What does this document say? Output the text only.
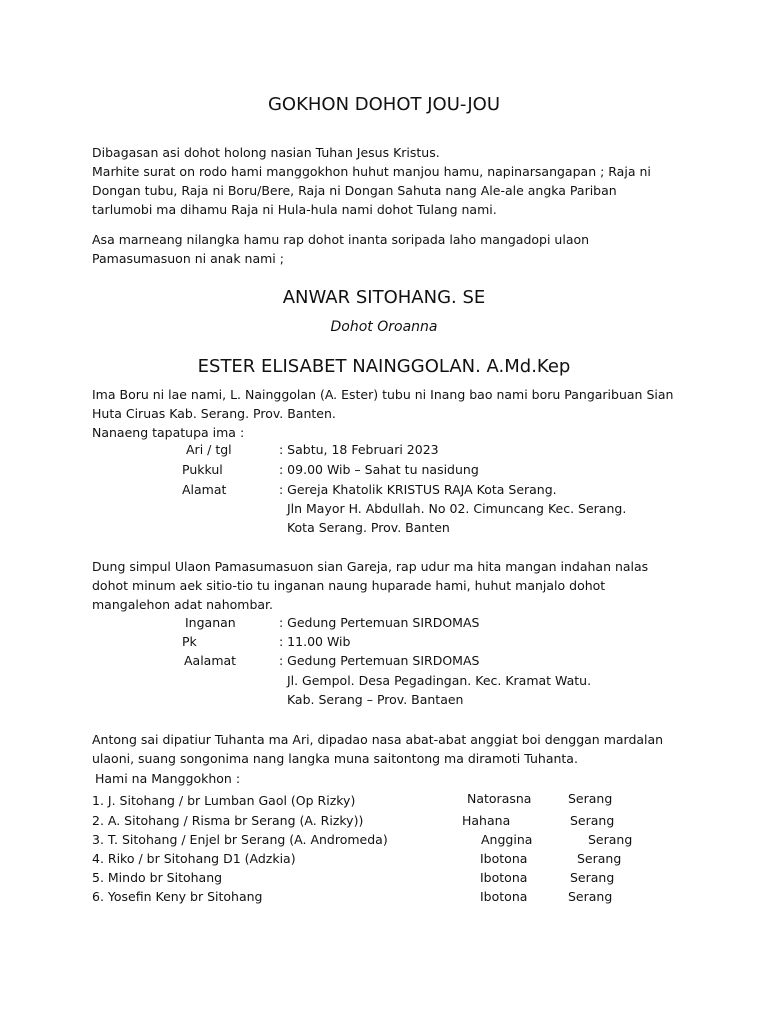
GOKHON DOHOT JOU-JOU
Dibagasan asi dohot holong nasian Tuhan Jesus Kristus.
Marhite surat on rodo hami manggokhon huhut manjou hamu, napinarsangapan ; Raja ni
Dongan tubu, Raja ni Boru/Bere, Raja ni Dongan Sahuta nang Ale-ale angka Pariban
tarlumobi ma dihamu Raja ni Hula-hula nami dohot Tulang nami.
Asa marneang nilangka hamu rap dohot inanta soripada laho mangadopi ulaon
Pamasumasuon ni anak nami ;
ANWAR SITOHANG. SE
Dohot Oroanna
ESTER ELISABET NAINGGOLAN. A.Md.Kep
Ima Boru ni lae nami, L. Nainggolan (A. Ester) tubu ni Inang bao nami boru Pangaribuan Sian
Huta Ciruas Kab. Serang. Prov. Banten.
Nanaeng tapatupa ima :
Ari / tgl	: Sabtu, 18 Februari 2023
Pukkul	: 09.00 Wib – Sahat tu nasidung
Alamat	: Gereja Khatolik KRISTUS RAJA Kota Serang.
Jln Mayor H. Abdullah. No 02. Cimuncang Kec. Serang.
Kota Serang. Prov. Banten
Dung simpul Ulaon Pamasumasuon sian Gareja, rap udur ma hita mangan indahan nalas
dohot minum aek sitio-tio tu inganan naung huparade hami, huhut manjalo dohot
mangalehon adat nahombar.
Inganan	: Gedung Pertemuan SIRDOMAS
Pk	: 11.00 Wib
Aalamat	: Gedung Pertemuan SIRDOMAS
Jl. Gempol. Desa Pegadingan. Kec. Kramat Watu.
Kab. Serang – Prov. Bantaen
Antong sai dipatiur Tuhanta ma Ari, dipadao nasa abat-abat anggiat boi denggan mardalan
ulaoni, suang songonima nang langka muna saitontong ma diramoti Tuhanta.
Hami na Manggokhon :
1. J. Sitohang / br Lumban Gaol (Op Rizky)	Natorasna	Serang
2. A. Sitohang / Risma br Serang (A. Rizky))	Hahana	Serang
3. T. Sitohang / Enjel br Serang (A. Andromeda)	Anggina	Serang
4. Riko / br Sitohang D1 (Adzkia)	Ibotona	Serang
5. Mindo br Sitohang	Ibotona	Serang
6. Yosefin Keny br Sitohang	Ibotona	Serang
